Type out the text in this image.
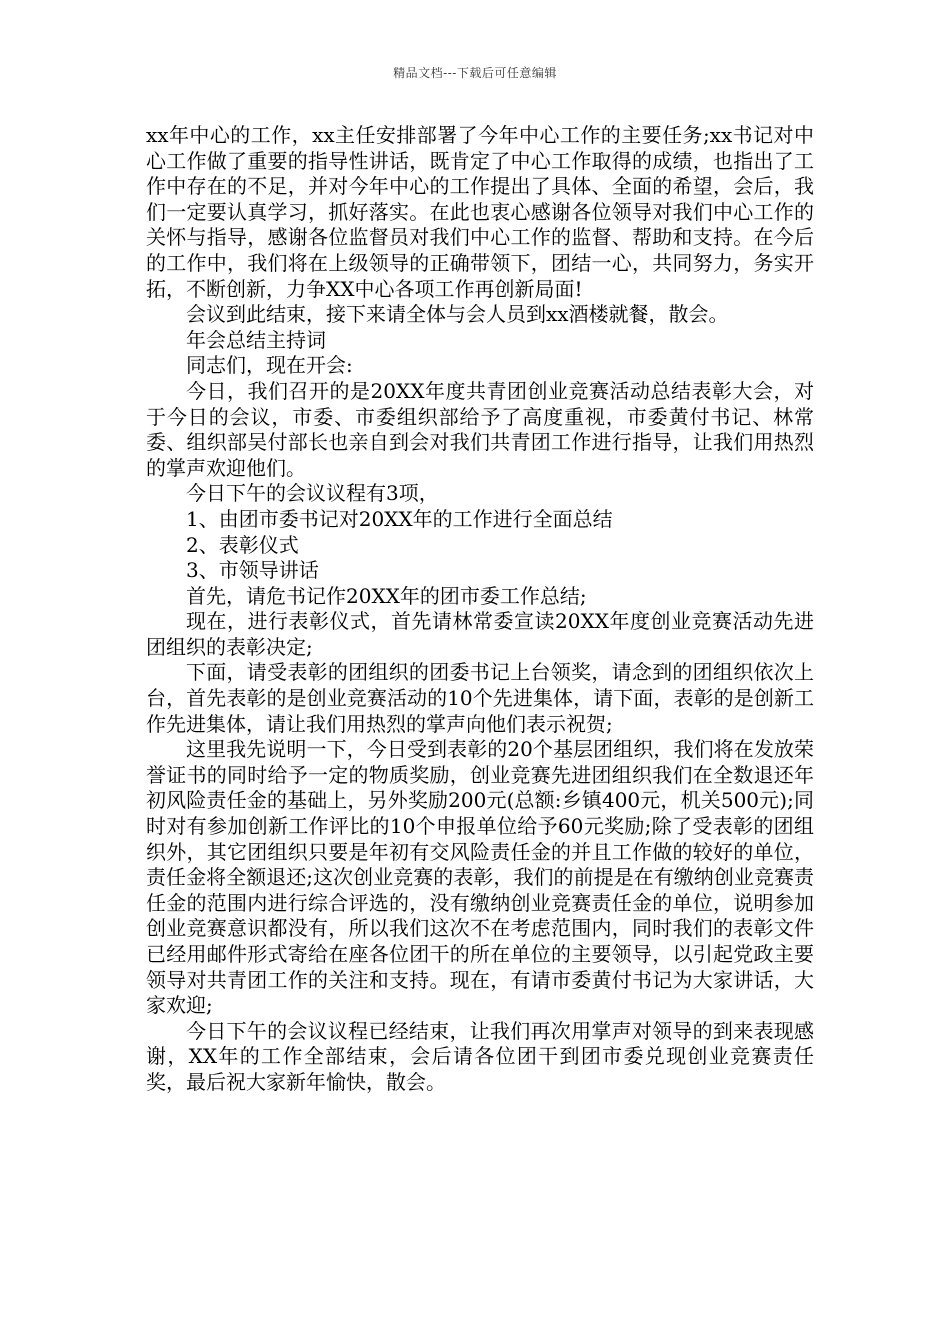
精品文档---下载后可任意编辑

xx年中心的工作，xx主任安排部署了今年中心工作的主要任务;xx书记对中心工作做了重要的指导性讲话，既肯定了中心工作取得的成绩，也指出了工作中存在的不足，并对今年中心的工作提出了具体、全面的希望，会后，我们一定要认真学习，抓好落实。在此也衷心感谢各位领导对我们中心工作的关怀与指导，感谢各位监督员对我们中心工作的监督、帮助和支持。在今后的工作中，我们将在上级领导的正确带领下，团结一心，共同努力，务实开拓，不断创新，力争XX中心各项工作再创新局面!

会议到此结束，接下来请全体与会人员到xx酒楼就餐，散会。

年会总结主持词

同志们，现在开会:

今日，我们召开的是20XX年度共青团创业竞赛活动总结表彰大会，对于今日的会议，市委、市委组织部给予了高度重视，市委黄付书记、林常委、组织部吴付部长也亲自到会对我们共青团工作进行指导，让我们用热烈的掌声欢迎他们。

今日下午的会议议程有3项，

1、由团市委书记对20XX年的工作进行全面总结

2、表彰仪式

3、市领导讲话

首先，请危书记作20XX年的团市委工作总结;

现在，进行表彰仪式，首先请林常委宣读20XX年度创业竞赛活动先进团组织的表彰决定;

下面，请受表彰的团组织的团委书记上台领奖，请念到的团组织依次上台，首先表彰的是创业竞赛活动的10个先进集体，请下面，表彰的是创新工作先进集体，请让我们用热烈的掌声向他们表示祝贺;

这里我先说明一下，今日受到表彰的20个基层团组织，我们将在发放荣誉证书的同时给予一定的物质奖励，创业竞赛先进团组织我们在全数退还年初风险责任金的基础上，另外奖励200元(总额:乡镇400元，机关500元);同时对有参加创新工作评比的10个申报单位给予60元奖励;除了受表彰的团组织外，其它团组织只要是年初有交风险责任金的并且工作做的较好的单位，责任金将全额退还;这次创业竞赛的表彰，我们的前提是在有缴纳创业竞赛责任金的范围内进行综合评选的，没有缴纳创业竞赛责任金的单位，说明参加创业竞赛意识都没有，所以我们这次不在考虑范围内，同时我们的表彰文件已经用邮件形式寄给在座各位团干的所在单位的主要领导，以引起党政主要领导对共青团工作的关注和支持。现在，有请市委黄付书记为大家讲话，大家欢迎;

今日下午的会议议程已经结束，让我们再次用掌声对领导的到来表现感谢，XX年的工作全部结束，会后请各位团干到团市委兑现创业竞赛责任奖，最后祝大家新年愉快，散会。
